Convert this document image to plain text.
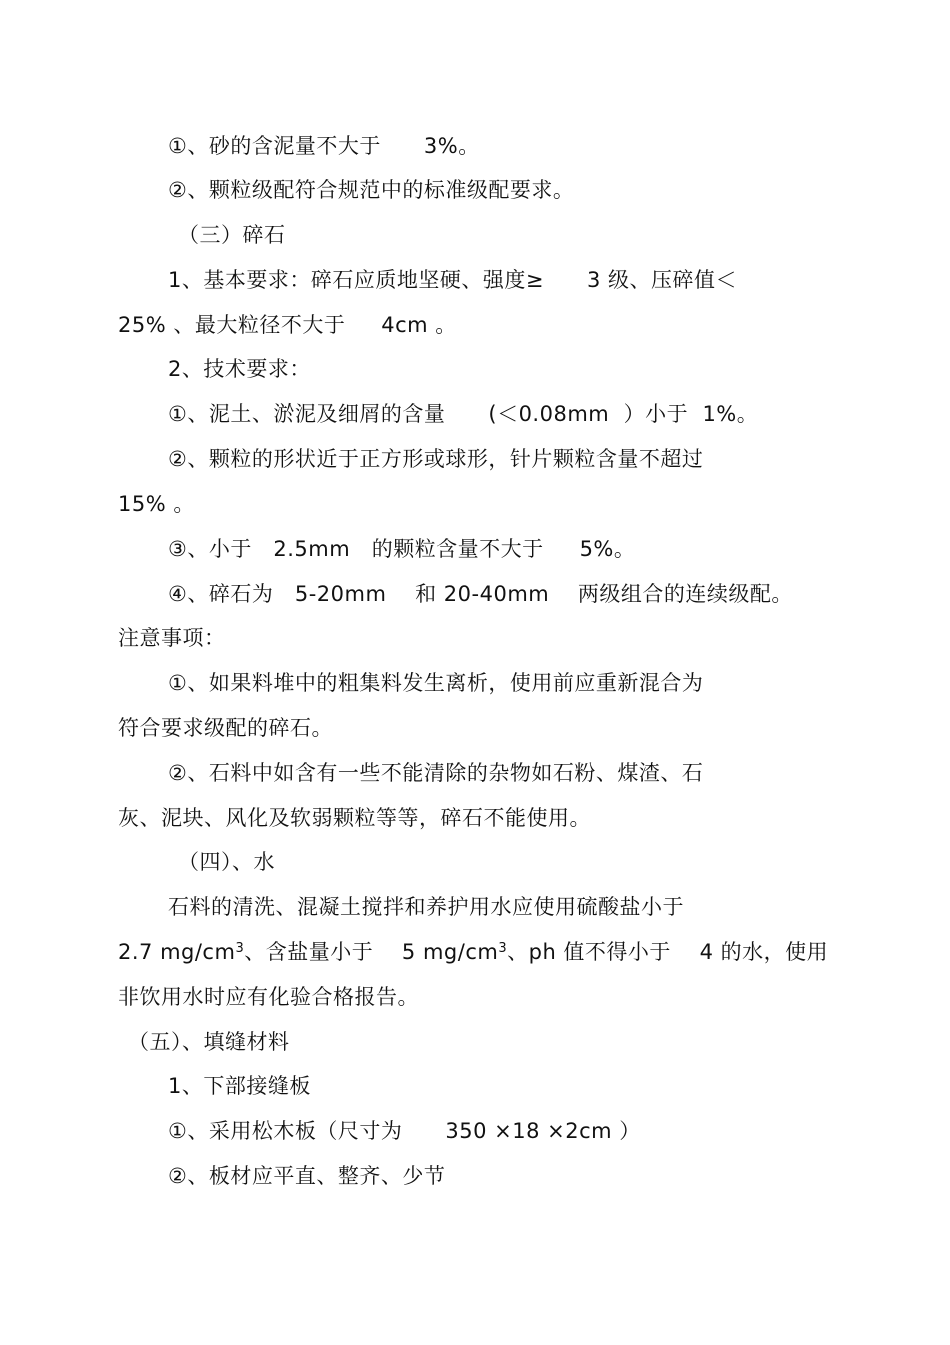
①、砂的含泥量不大于      3%。
②、颗粒级配符合规范中的标准级配要求。
（三）碎石
1、基本要求：碎石应质地坚硬、强度≥      3 级、压碎值＜
25% 、最大粒径不大于     4cm 。
2、技术要求：
①、泥土、淤泥及细屑的含量      (＜0.08mm  ）小于  1%。
②、颗粒的形状近于正方形或球形，针片颗粒含量不超过
15% 。
③、小于   2.5mm   的颗粒含量不大于     5%。
④、碎石为   5-20mm    和 20-40mm    两级组合的连续级配。
注意事项：
①、如果料堆中的粗集料发生离析，使用前应重新混合为
符合要求级配的碎石。
②、石料中如含有一些不能清除的杂物如石粉、煤渣、石
灰、泥块、风化及软弱颗粒等等，碎石不能使用。
（四）、水
石料的清洗、混凝土搅拌和养护用水应使用硫酸盐小于
2.7 $mg/cm^3$、含盐量小于    5 $mg/cm^3$、ph 值不得小于    4 的水，使用
非饮用水时应有化验合格报告。
（五）、填缝材料
1、下部接缝板
①、采用松木板（尺寸为      350 ×18 ×2cm ）
②、板材应平直、整齐、少节
